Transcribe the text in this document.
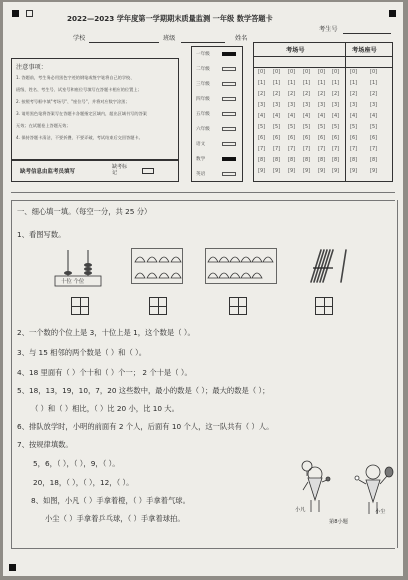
2022—2023 学年度第一学期期末质量监测 一年级 数学答题卡
学校	班级	姓名
考生号
注意事项：
1. 答题前，考生务必用黑色字迹的钢笔或签字笔将自己的学校、
班级、姓名、考生号、试室号和座位号填写在答题卡相应的位置上；
2. 按照考号框中填"考场号"、"座位号"，并将对应数字涂黑；
3. 请用黑色笔将答案写在答题卡各题指定区域内，超出区域书写的答案
无效；在试题卷上答题无效；
4. 保持答题卡清洁，不要折叠、不要弄破，考试结束后交回答题卡。
缺考信息由监考员填写
缺考标记
一年级
二年级
三年级
四年级
五年级
六年级
语文
数学
英语
考场号	考场座号
[0] [0] [0] [0] [0] [0] [0]	[0]
[1] [1] [1] [1] [1] [1] [1]	[1]
[2] [2] [2] [2] [2] [2] [2]	[2]
[3] [3] [3] [3] [3] [3] [3]	[3]
[4] [4] [4] [4] [4] [4] [4]	[4]
[5] [5] [5] [5] [5] [5] [5]	[5]
[6] [6] [6] [6] [6] [6] [6]	[6]
[7] [7] [7] [7] [7] [7] [7]	[7]
[8] [8] [8] [8] [8] [8] [8]	[8]
[9] [9] [9] [9] [9] [9] [9]	[9]
一、细心填一填。（每空一分，共 25 分）
1、看图写数。
十位 个位
2、一个数的个位上是 3，十位上是 1，这个数是（ ）。
3、与 15 相邻的两个数是（ ）和（ ）。
4、18 里面有（ ）个十和（ ）个一； 2 个十是（ ）。
5、18，13，19，10，7，20 这些数中，最小的数是（ ）；最大的数是（ ）；
（ ）和（ ）相比，（ ）比 20 小，比 10 大。
6、排队放学时，小明的前面有 2 个人，后面有 10 个人，这一队共有（ ）人。
7、按规律填数。
5，6，（ ），（ ），9，（ ）。
20，18，（ ），（ ），12，（ ）。
8、如图，小凡（ ）手拿着橙，（ ）手拿着气球。
小尘（ ）手拿着乒乓球，（ ）手拿着球拍。
小凡	小尘
第8小题
